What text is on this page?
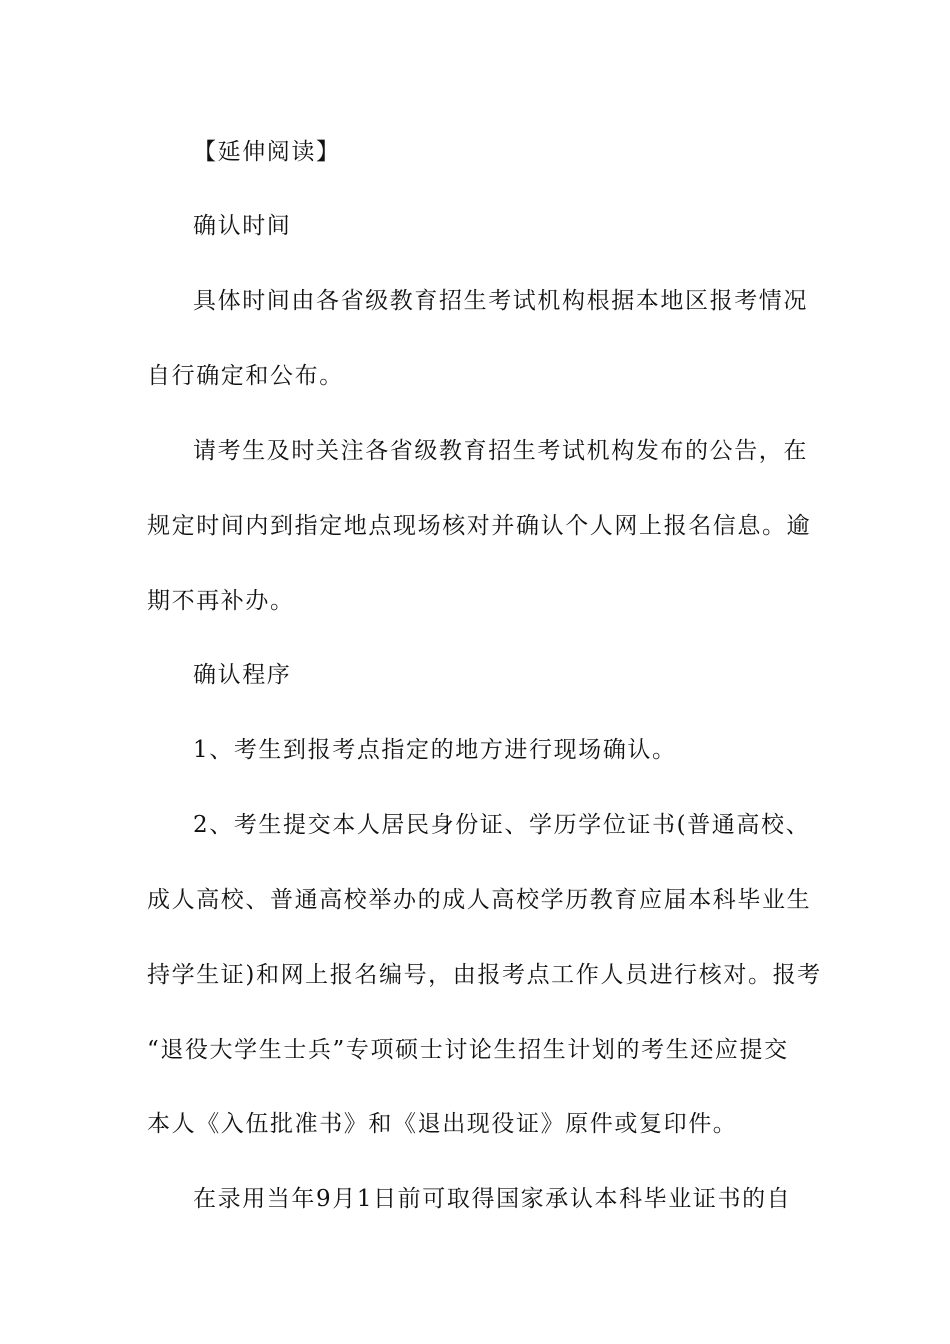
【延伸阅读】
确认时间
具体时间由各省级教育招生考试机构根据本地区报考情况
自行确定和公布。
请考生及时关注各省级教育招生考试机构发布的公告，在
规定时间内到指定地点现场核对并确认个人网上报名信息。逾
期不再补办。
确认程序
1、考生到报考点指定的地方进行现场确认。
2、考生提交本人居民身份证、学历学位证书(普通高校、
成人高校、普通高校举办的成人高校学历教育应届本科毕业生
持学生证)和网上报名编号，由报考点工作人员进行核对。报考
“退役大学生士兵”专项硕士讨论生招生计划的考生还应提交
本人《入伍批准书》和《退出现役证》原件或复印件。
在录用当年9月1日前可取得国家承认本科毕业证书的自
